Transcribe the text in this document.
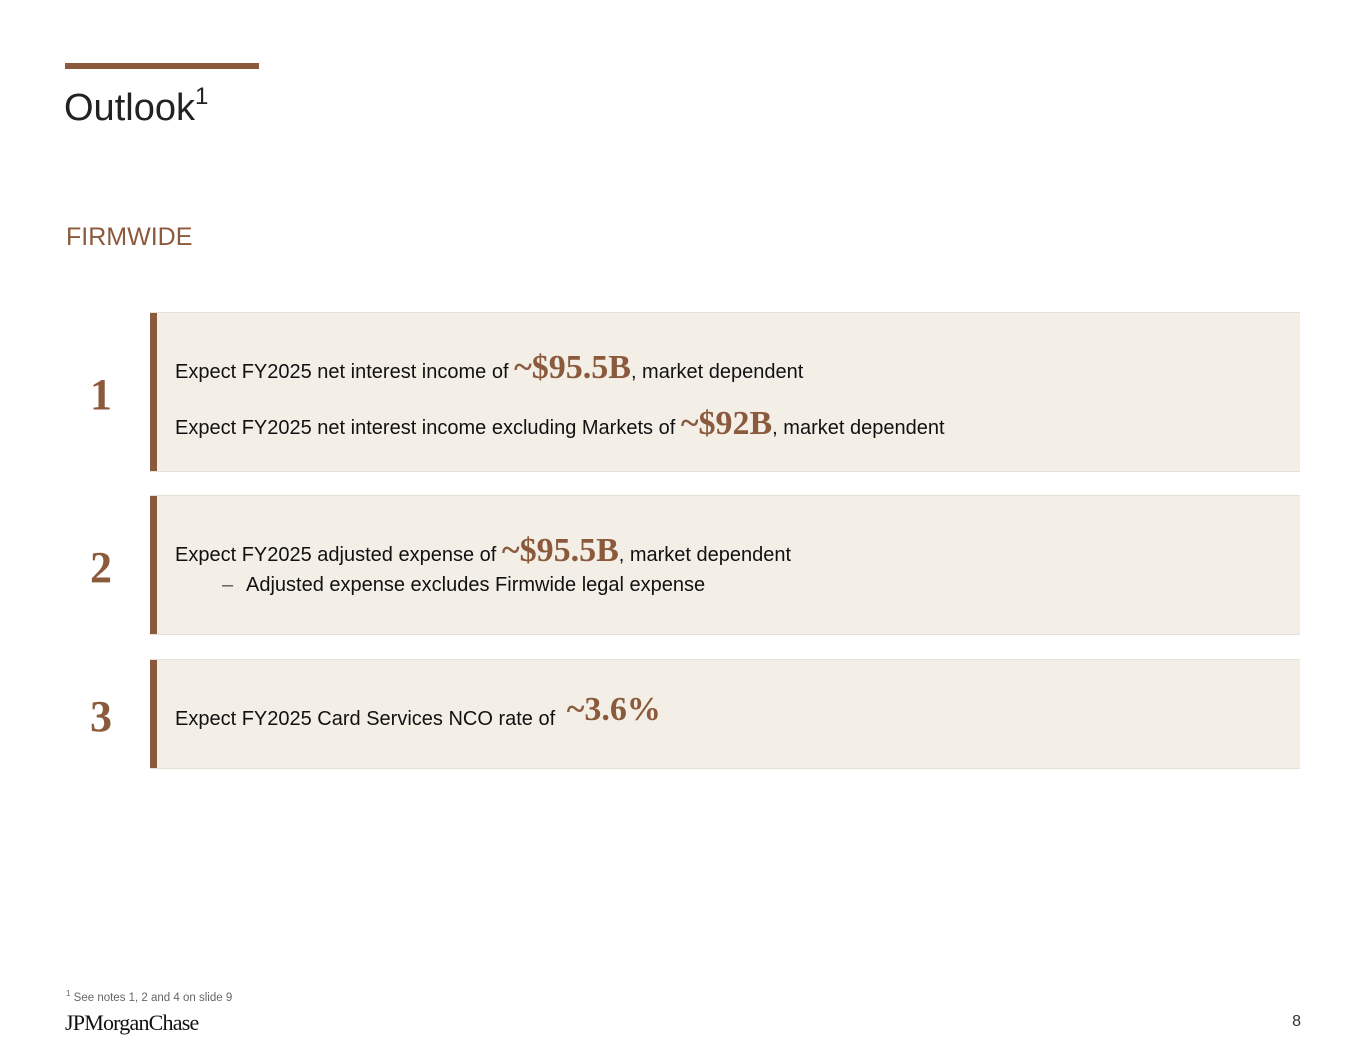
Outlook$^1$
FIRMWIDE
1	Expect FY2025 net interest income of ~$95.5B, market dependent
Expect FY2025 net interest income excluding Markets of ~$92B, market dependent
2	Expect FY2025 adjusted expense of ~$95.5B, market dependent
– Adjusted expense excludes Firmwide legal expense
3	Expect FY2025 Card Services NCO rate of ~3.6%
$^1$ See notes 1, 2 and 4 on slide 9
JPMorganChase	8
